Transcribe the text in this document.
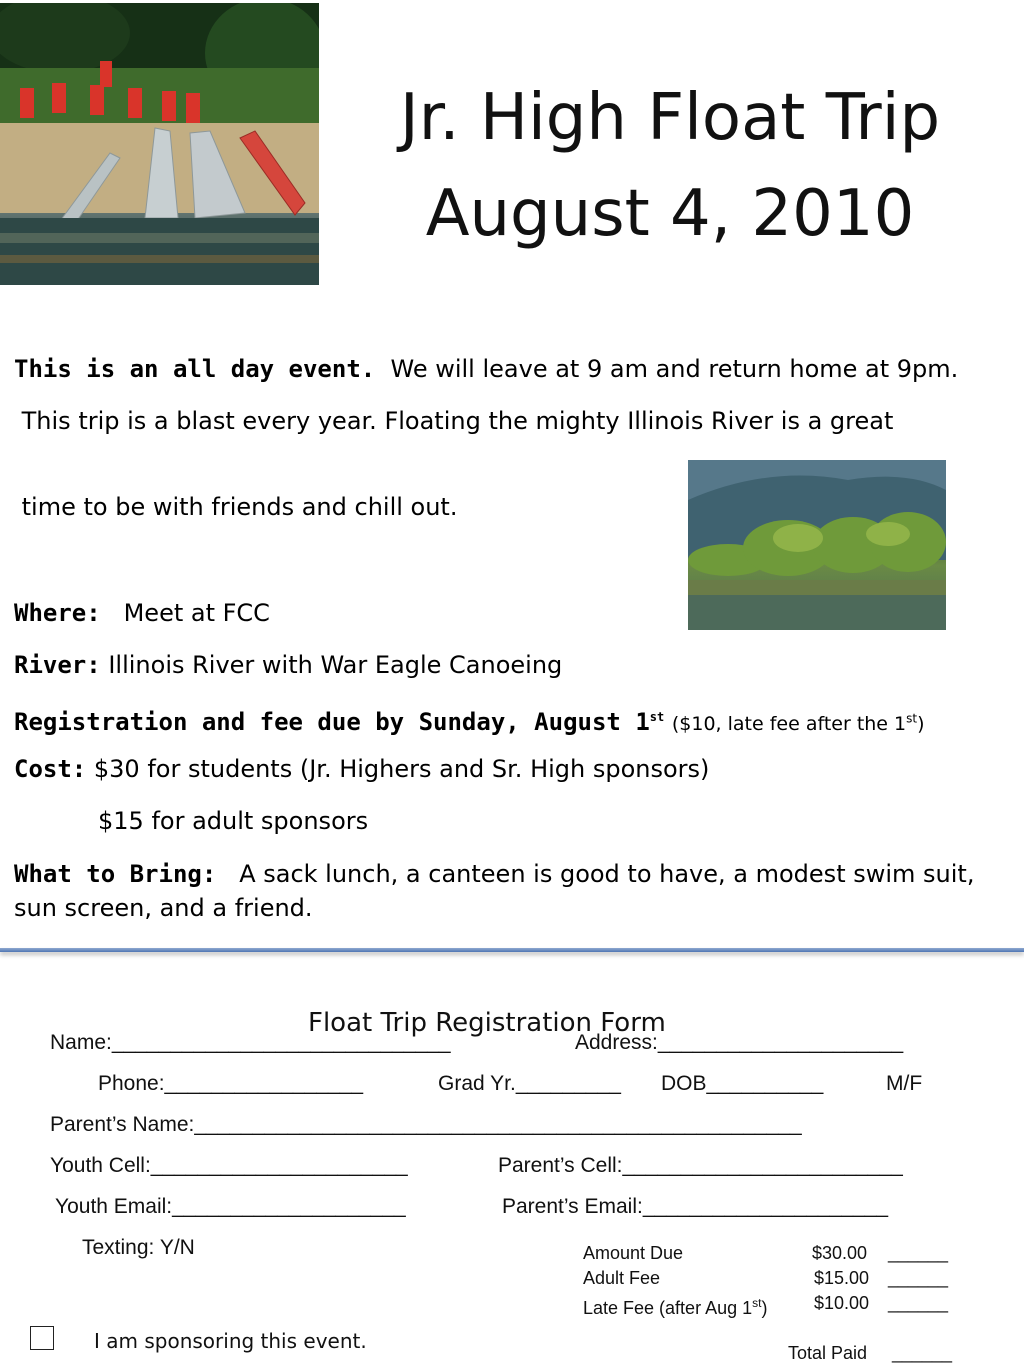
Jr. High Float Trip
August 4, 2010

This is an all day event. We will leave at 9 am and return home at 9pm.

This trip is a blast every year. Floating the mighty Illinois River is a great

time to be with friends and chill out.

Where: Meet at FCC

River: Illinois River with War Eagle Canoeing

Registration and fee due by Sunday, August 1st ($10, late fee after the 1st)

Cost: $30 for students (Jr. Highers and Sr. High sponsors)

$15 for adult sponsors

What to Bring: A sack lunch, a canteen is good to have, a modest swim suit, sun screen, and a friend.

Name:_____________________________	Address:_____________________
Float Trip Registration Form
Phone:_________________	Grad Yr._________ DOB__________	M/F
Parent’s Name:____________________________________________________
Youth Cell:______________________	Parent’s Cell:________________________
Youth Email:____________________	Parent’s Email:_____________________
Texting: Y/N	Amount Due	$30.00 ______
Adult Fee	$15.00 ______
Late Fee (after Aug 1st)	$10.00 ______
Total Paid ______
I am sponsoring this event.
